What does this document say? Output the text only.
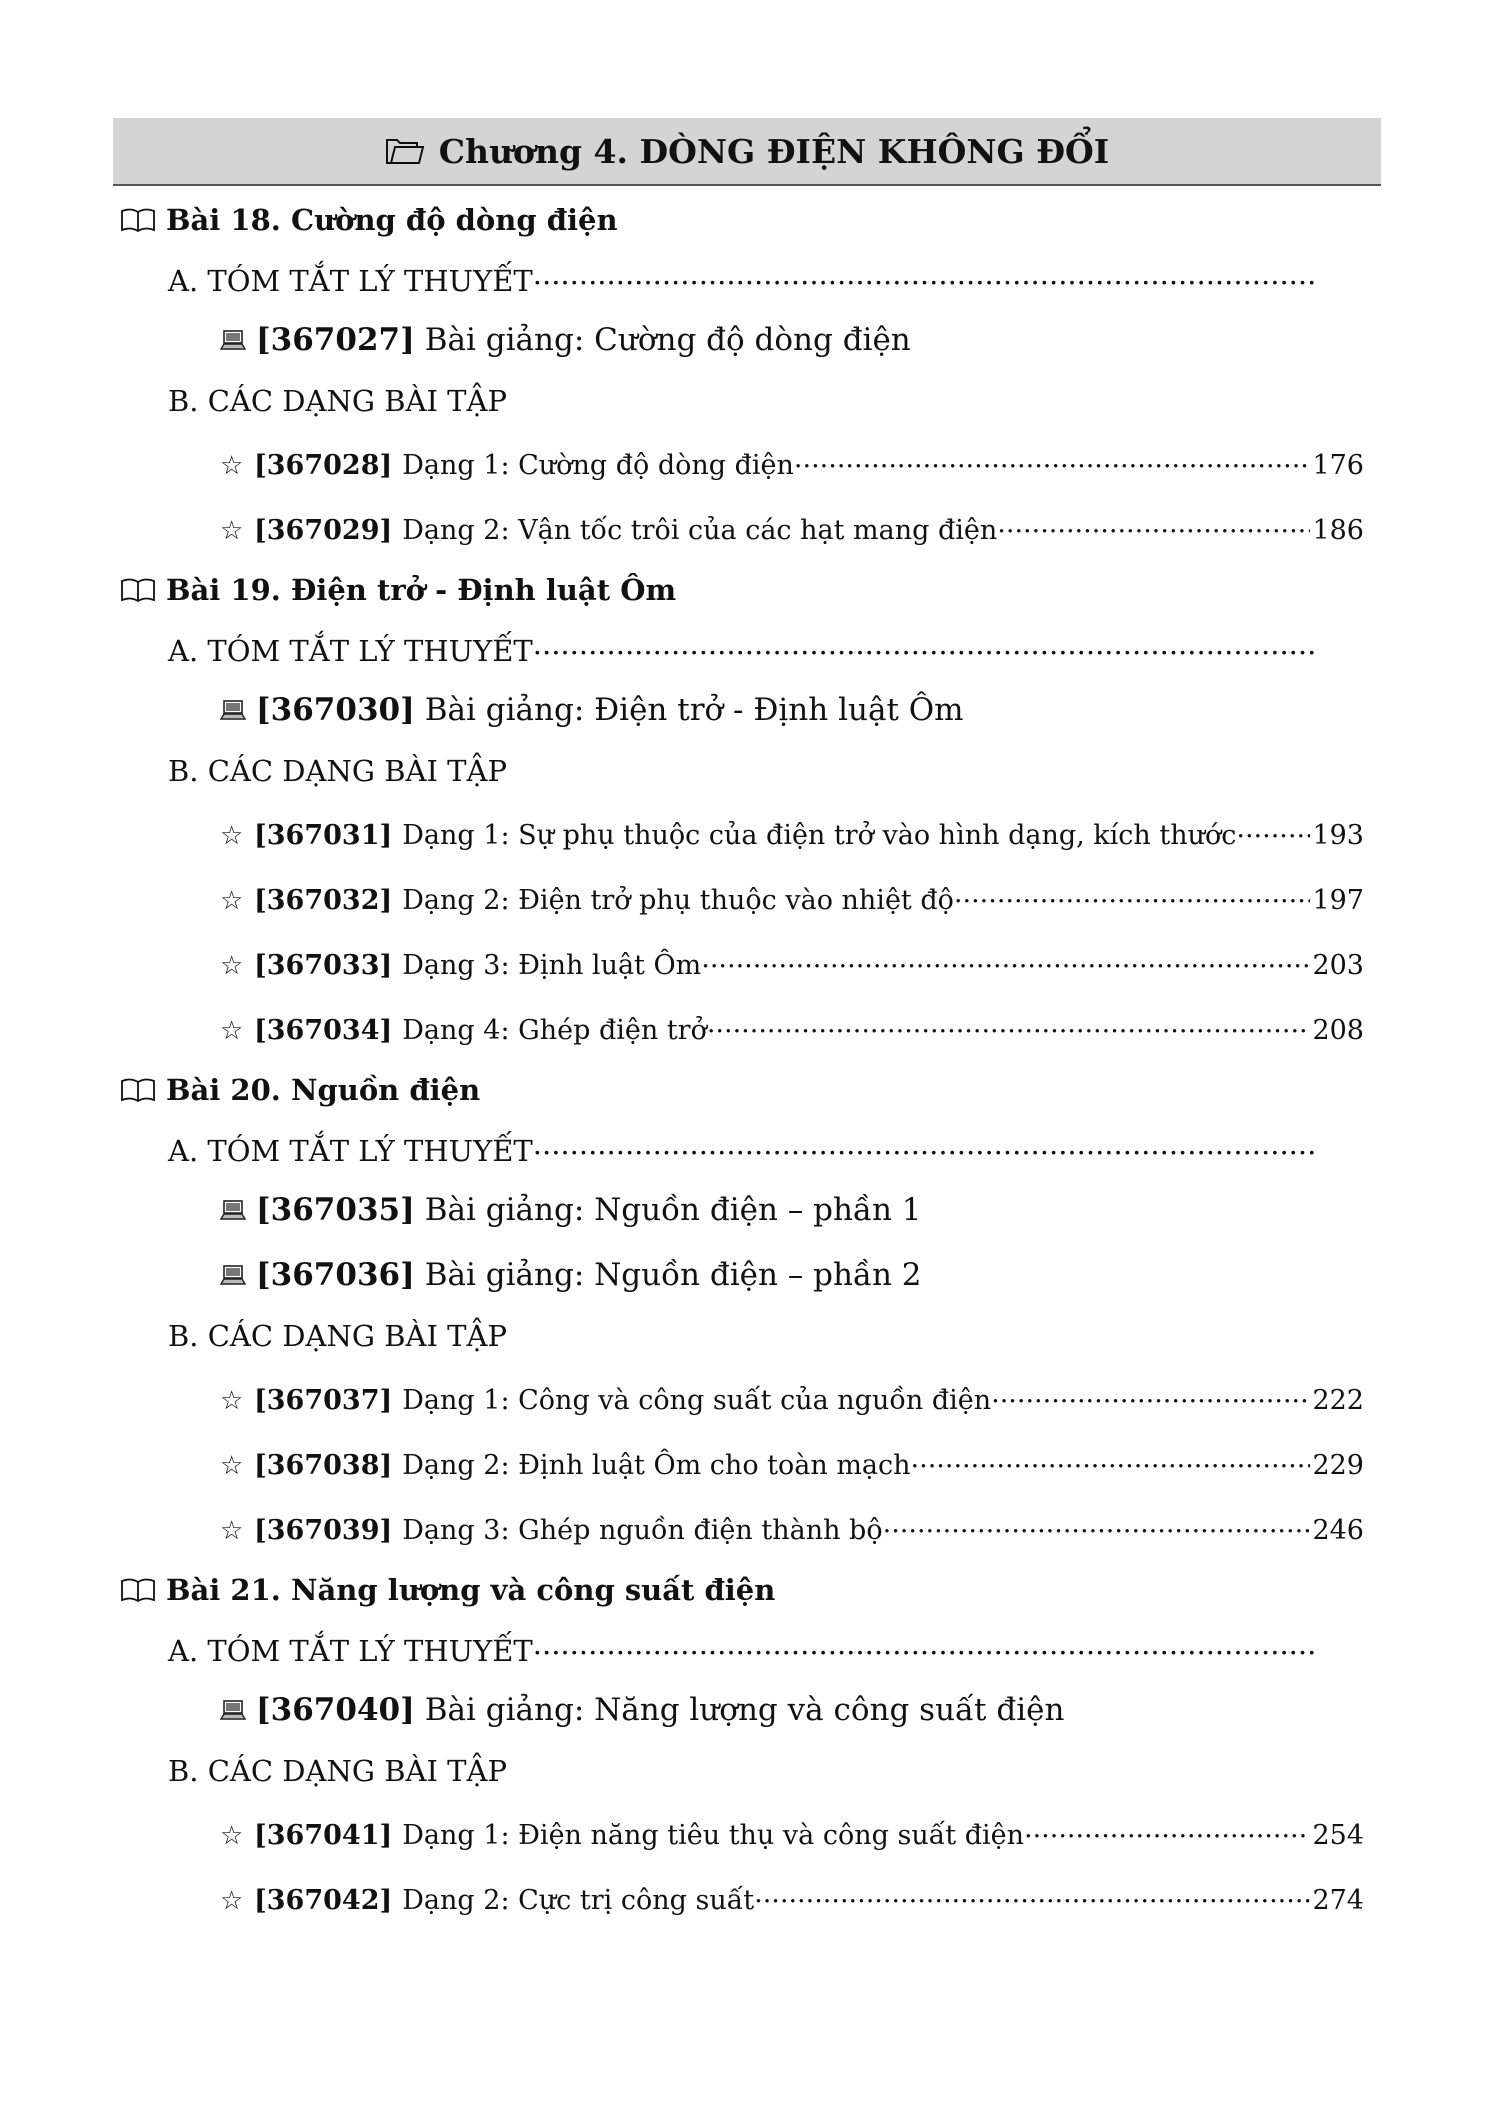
Chương 4. DÒNG ĐIỆN KHÔNG ĐỔI
Bài 18. Cường độ dòng điện
A. TÓM TẮT LÝ THUYẾT
.....
[367027] Bài giảng: Cường độ dòng điện
B. CÁC DẠNG BÀI TẬP
☆ [367028] Dạng 1: Cường độ dòng điện .....	176
☆ [367029] Dạng 2: Vận tốc trôi của các hạt mang điện .....	186
Bài 19. Điện trở - Định luật Ôm
A. TÓM TẮT LÝ THUYẾT
.....
[367030] Bài giảng: Điện trở - Định luật Ôm
B. CÁC DẠNG BÀI TẬP
☆ [367031] Dạng 1: Sự phụ thuộc của điện trở vào hình dạng, kích thước .....	193
☆ [367032] Dạng 2: Điện trở phụ thuộc vào nhiệt độ .....	197
☆ [367033] Dạng 3: Định luật Ôm .....	203
☆ [367034] Dạng 4: Ghép điện trở .....	208
Bài 20. Nguồn điện
A. TÓM TẮT LÝ THUYẾT
.....
[367035] Bài giảng: Nguồn điện – phần 1
[367036] Bài giảng: Nguồn điện – phần 2
B. CÁC DẠNG BÀI TẬP
☆ [367037] Dạng 1: Công và công suất của nguồn điện .....	222
☆ [367038] Dạng 2: Định luật Ôm cho toàn mạch .....	229
☆ [367039] Dạng 3: Ghép nguồn điện thành bộ .....	246
Bài 21. Năng lượng và công suất điện
A. TÓM TẮT LÝ THUYẾT
.....
[367040] Bài giảng: Năng lượng và công suất điện
B. CÁC DẠNG BÀI TẬP
☆ [367041] Dạng 1: Điện năng tiêu thụ và công suất điện .....	254
☆ [367042] Dạng 2: Cực trị công suất .....	274
